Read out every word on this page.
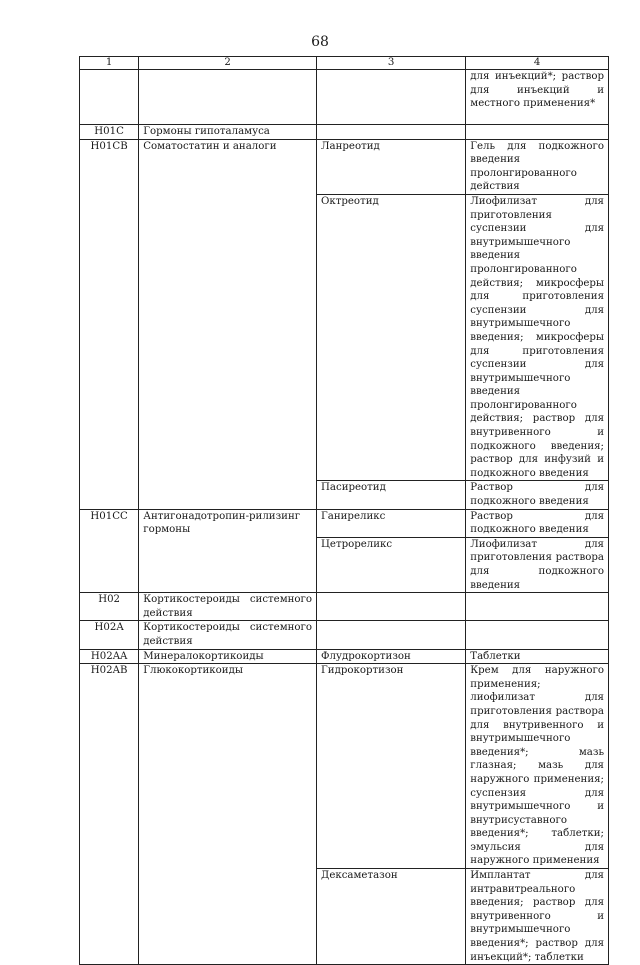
68
1	2	3	4
			для инъекций*; раствор для инъекций и местного применения*
H01C	Гормоны гипоталамуса		
H01CB	Соматостатин и аналоги	Ланреотид	Гель для подкожного введения пролонгированного действия
		Октреотид	Лиофилизат для приготовления суспензии для внутримышечного введения пролонгированного действия; микросферы для приготовления суспензии для внутримышечного введения; микросферы для приготовления суспензии для внутримышечного введения пролонгированного действия; раствор для внутривенного и подкожного введения; раствор для инфузий и подкожного введения
		Пасиреотид	Раствор для подкожного введения
H01CC	Антигонадотропин-рилизинг гормоны	Ганиреликс	Раствор для подкожного введения
		Цетрореликс	Лиофилизат для приготовления раствора для подкожного введения
H02	Кортикостероиды системного действия		
H02A	Кортикостероиды системного действия		
H02AA	Минералокортикоиды	Флудрокортизон	Таблетки
H02AB	Глюкокортикоиды	Гидрокортизон	Крем для наружного применения; лиофилизат для приготовления раствора для внутривенного и внутримышечного введения*; мазь глазная; мазь для наружного применения; суспензия для внутримышечного и внутрисуставного введения*; таблетки; эмульсия для наружного применения
		Дексаметазон	Имплантат для интравитреального введения; раствор для внутривенного и внутримышечного введения*; раствор для инъекций*; таблетки
